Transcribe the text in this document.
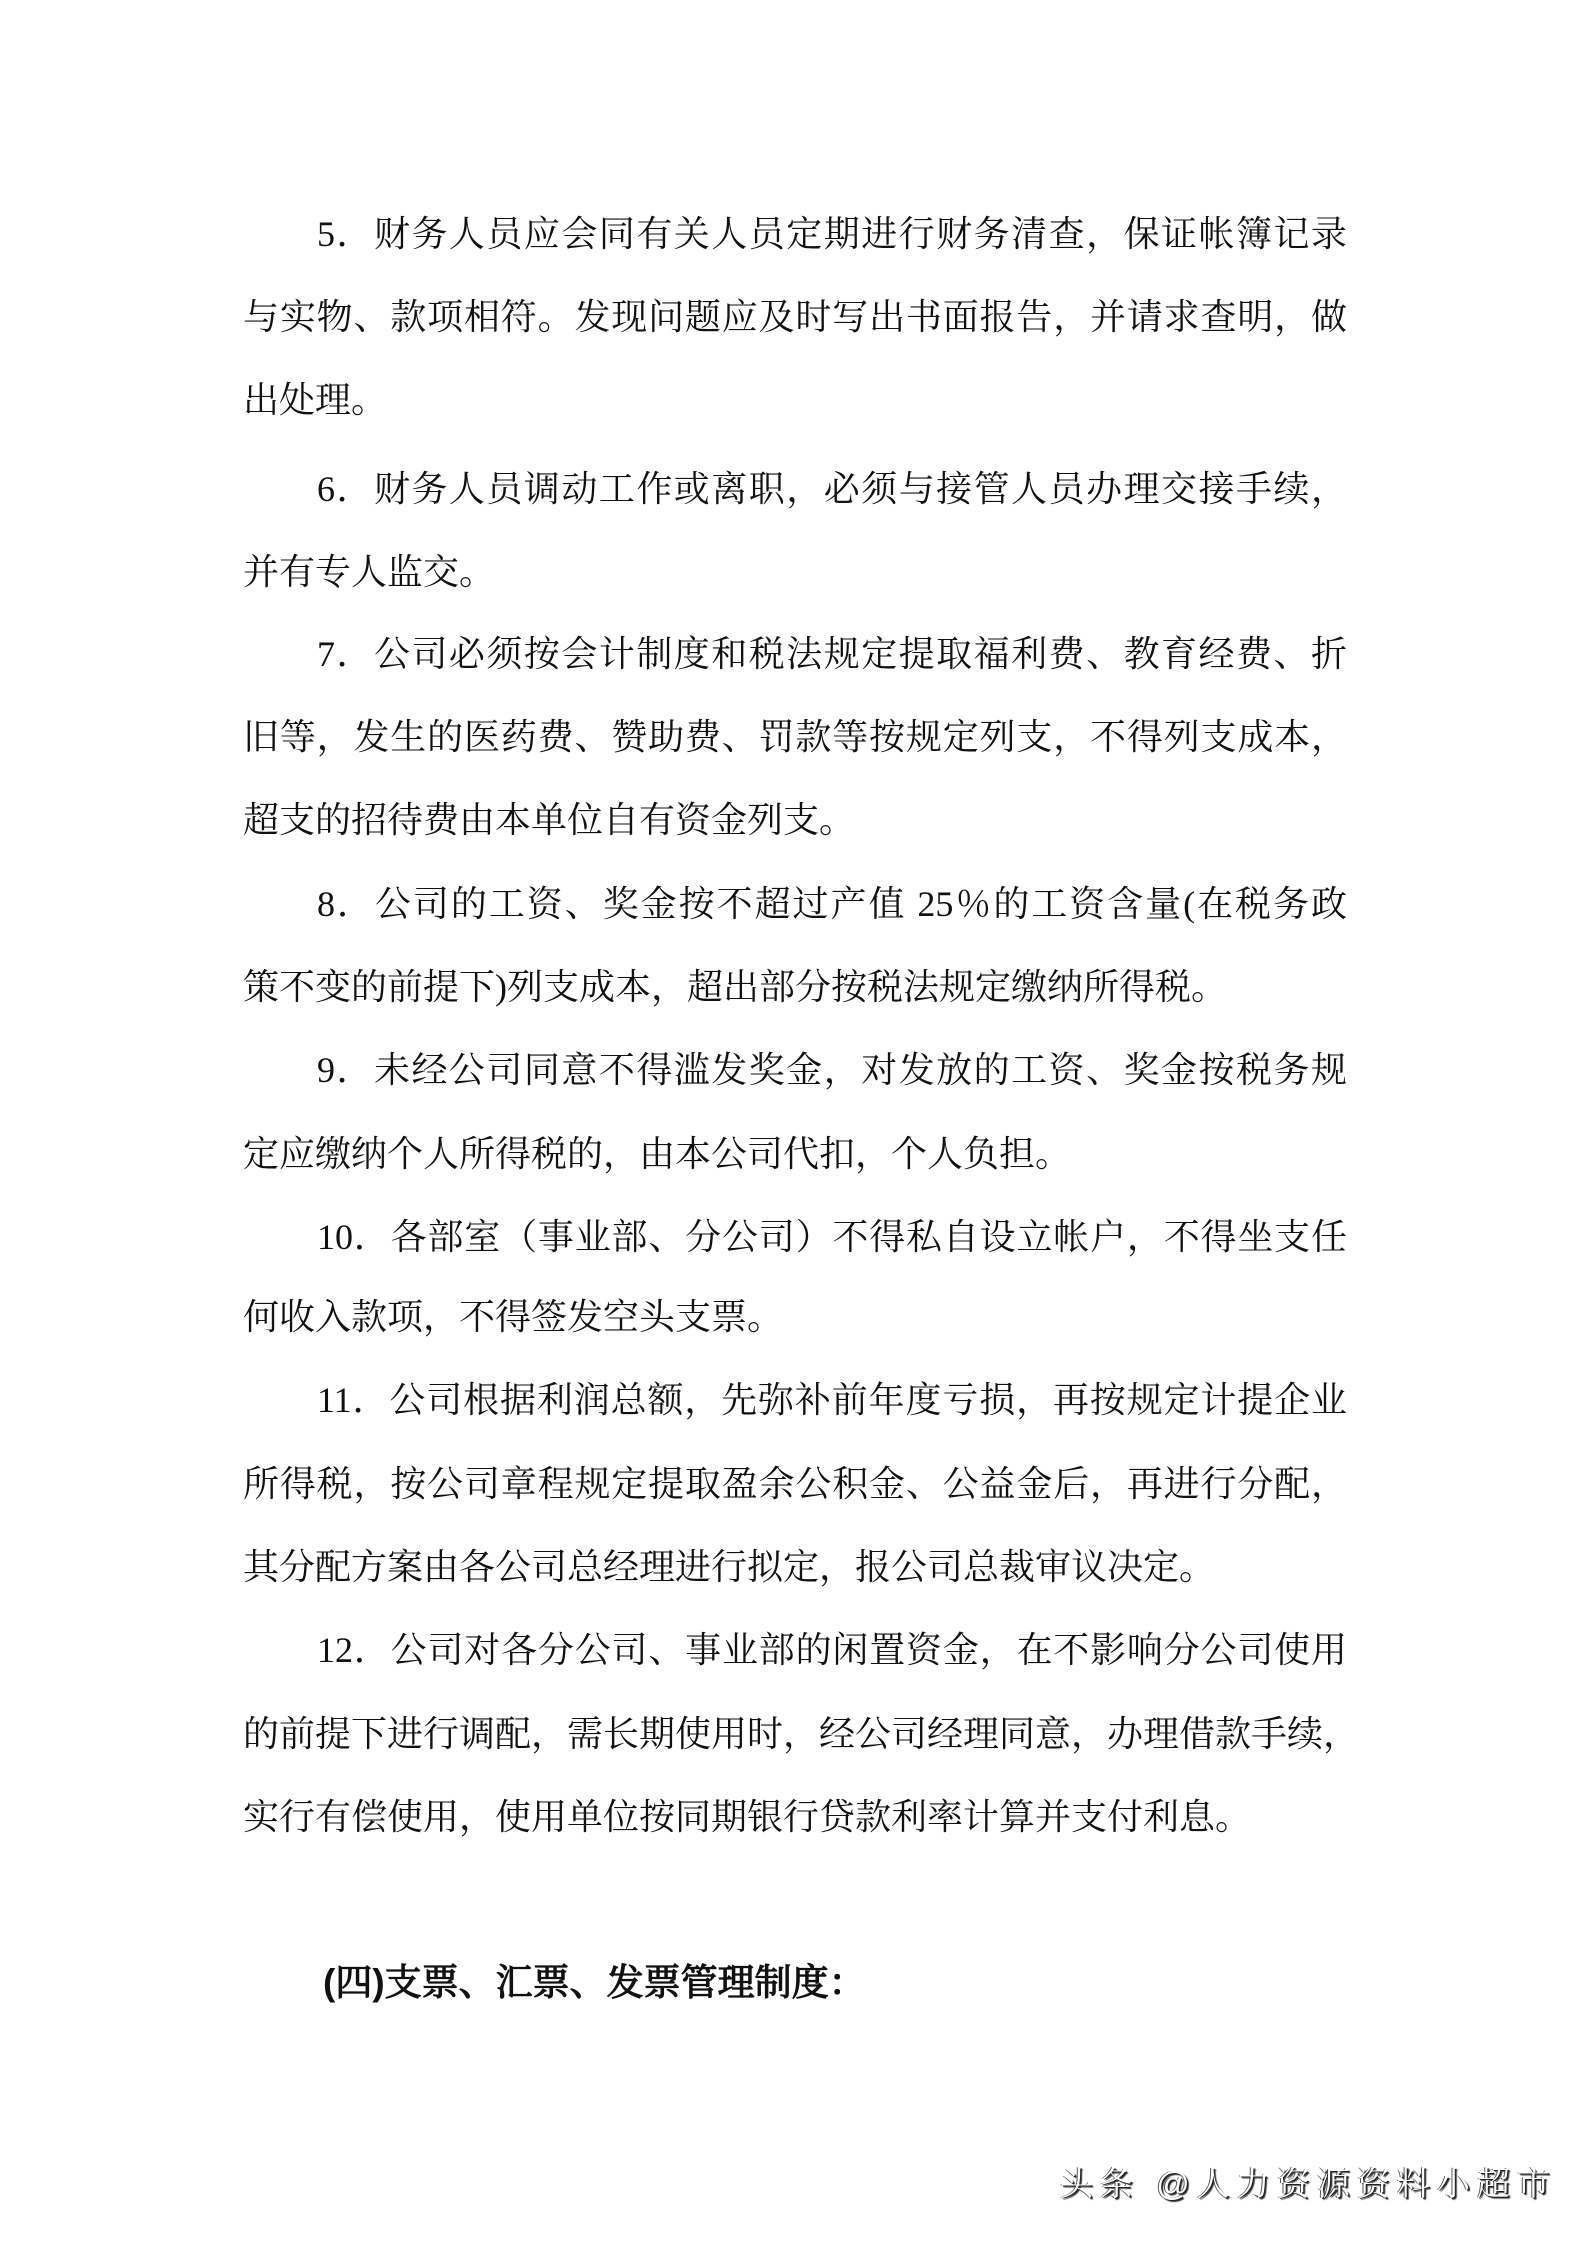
5．财务人员应会同有关人员定期进行财务清查，保证帐簿记录
与实物、款项相符。发现问题应及时写出书面报告，并请求查明，做
出处理。
6．财务人员调动工作或离职，必须与接管人员办理交接手续，
并有专人监交。
7．公司必须按会计制度和税法规定提取福利费、教育经费、折
旧等，发生的医药费、赞助费、罚款等按规定列支，不得列支成本，
超支的招待费由本单位自有资金列支。
8．公司的工资、奖金按不超过产值 25％的工资含量(在税务政
策不变的前提下)列支成本，超出部分按税法规定缴纳所得税。
9．未经公司同意不得滥发奖金，对发放的工资、奖金按税务规
定应缴纳个人所得税的，由本公司代扣，个人负担。
10．各部室（事业部、分公司）不得私自设立帐户，不得坐支任
何收入款项，不得签发空头支票。
11．公司根据利润总额，先弥补前年度亏损，再按规定计提企业
所得税，按公司章程规定提取盈余公积金、公益金后，再进行分配，
其分配方案由各公司总经理进行拟定，报公司总裁审议决定。
12．公司对各分公司、事业部的闲置资金，在不影响分公司使用
的前提下进行调配，需长期使用时，经公司经理同意，办理借款手续，
实行有偿使用，使用单位按同期银行贷款利率计算并支付利息。
(四)支票、汇票、发票管理制度：
头条 @人力资源资料小超市
